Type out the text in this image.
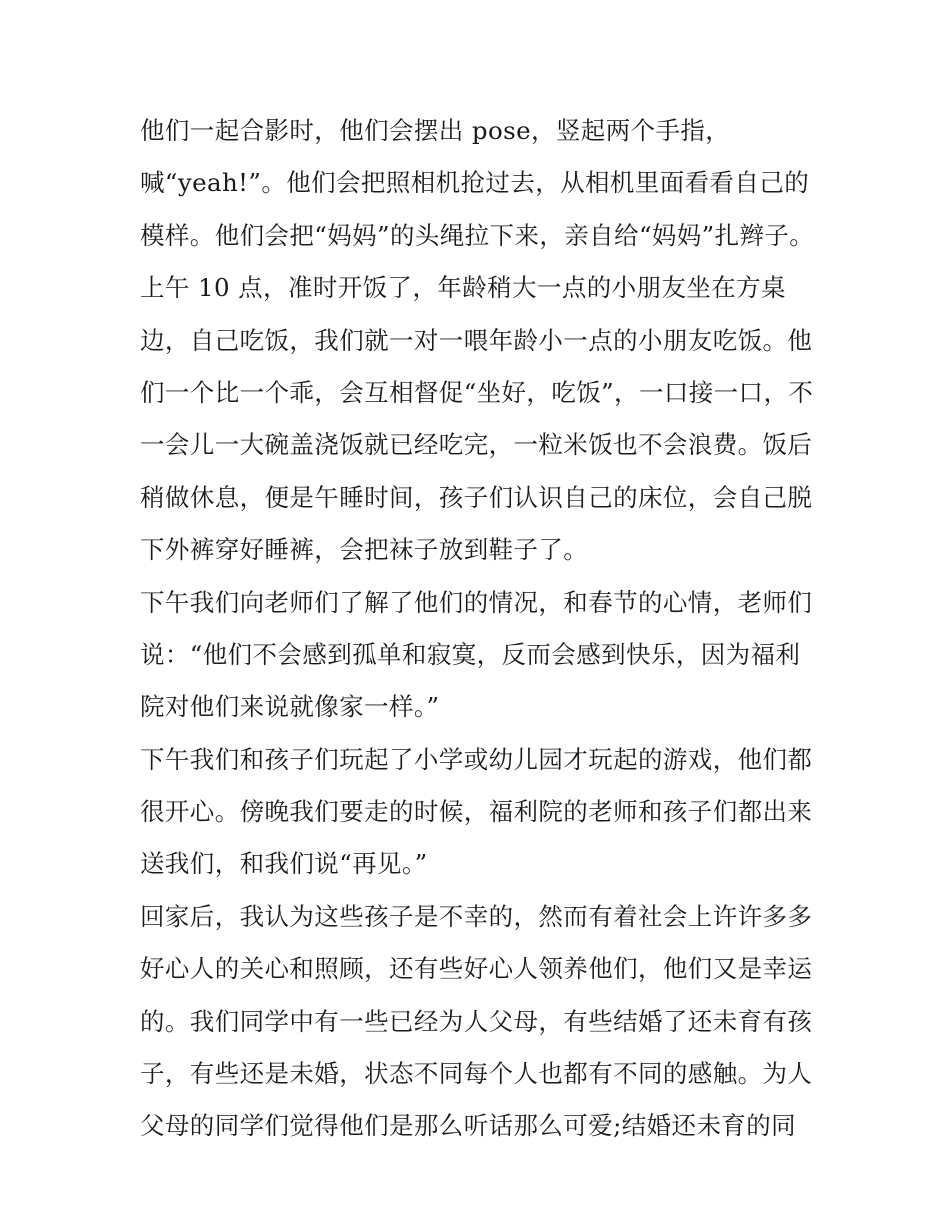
他们一起合影时，他们会摆出 pose，竖起两个手指，
喊“yeah!”。他们会把照相机抢过去，从相机里面看看自己的
模样。他们会把“妈妈”的头绳拉下来，亲自给“妈妈”扎辫子。
上午 10 点，准时开饭了，年龄稍大一点的小朋友坐在方桌
边，自己吃饭，我们就一对一喂年龄小一点的小朋友吃饭。他
们一个比一个乖，会互相督促“坐好，吃饭”，一口接一口，不
一会儿一大碗盖浇饭就已经吃完，一粒米饭也不会浪费。饭后
稍做休息，便是午睡时间，孩子们认识自己的床位，会自己脱
下外裤穿好睡裤，会把袜子放到鞋子了。
下午我们向老师们了解了他们的情况，和春节的心情，老师们
说：“他们不会感到孤单和寂寞，反而会感到快乐，因为福利
院对他们来说就像家一样。”
下午我们和孩子们玩起了小学或幼儿园才玩起的游戏，他们都
很开心。傍晚我们要走的时候，福利院的老师和孩子们都出来
送我们，和我们说“再见。”
回家后，我认为这些孩子是不幸的，然而有着社会上许许多多
好心人的关心和照顾，还有些好心人领养他们，他们又是幸运
的。我们同学中有一些已经为人父母，有些结婚了还未育有孩
子，有些还是未婚，状态不同每个人也都有不同的感触。为人
父母的同学们觉得他们是那么听话那么可爱;结婚还未育的同
